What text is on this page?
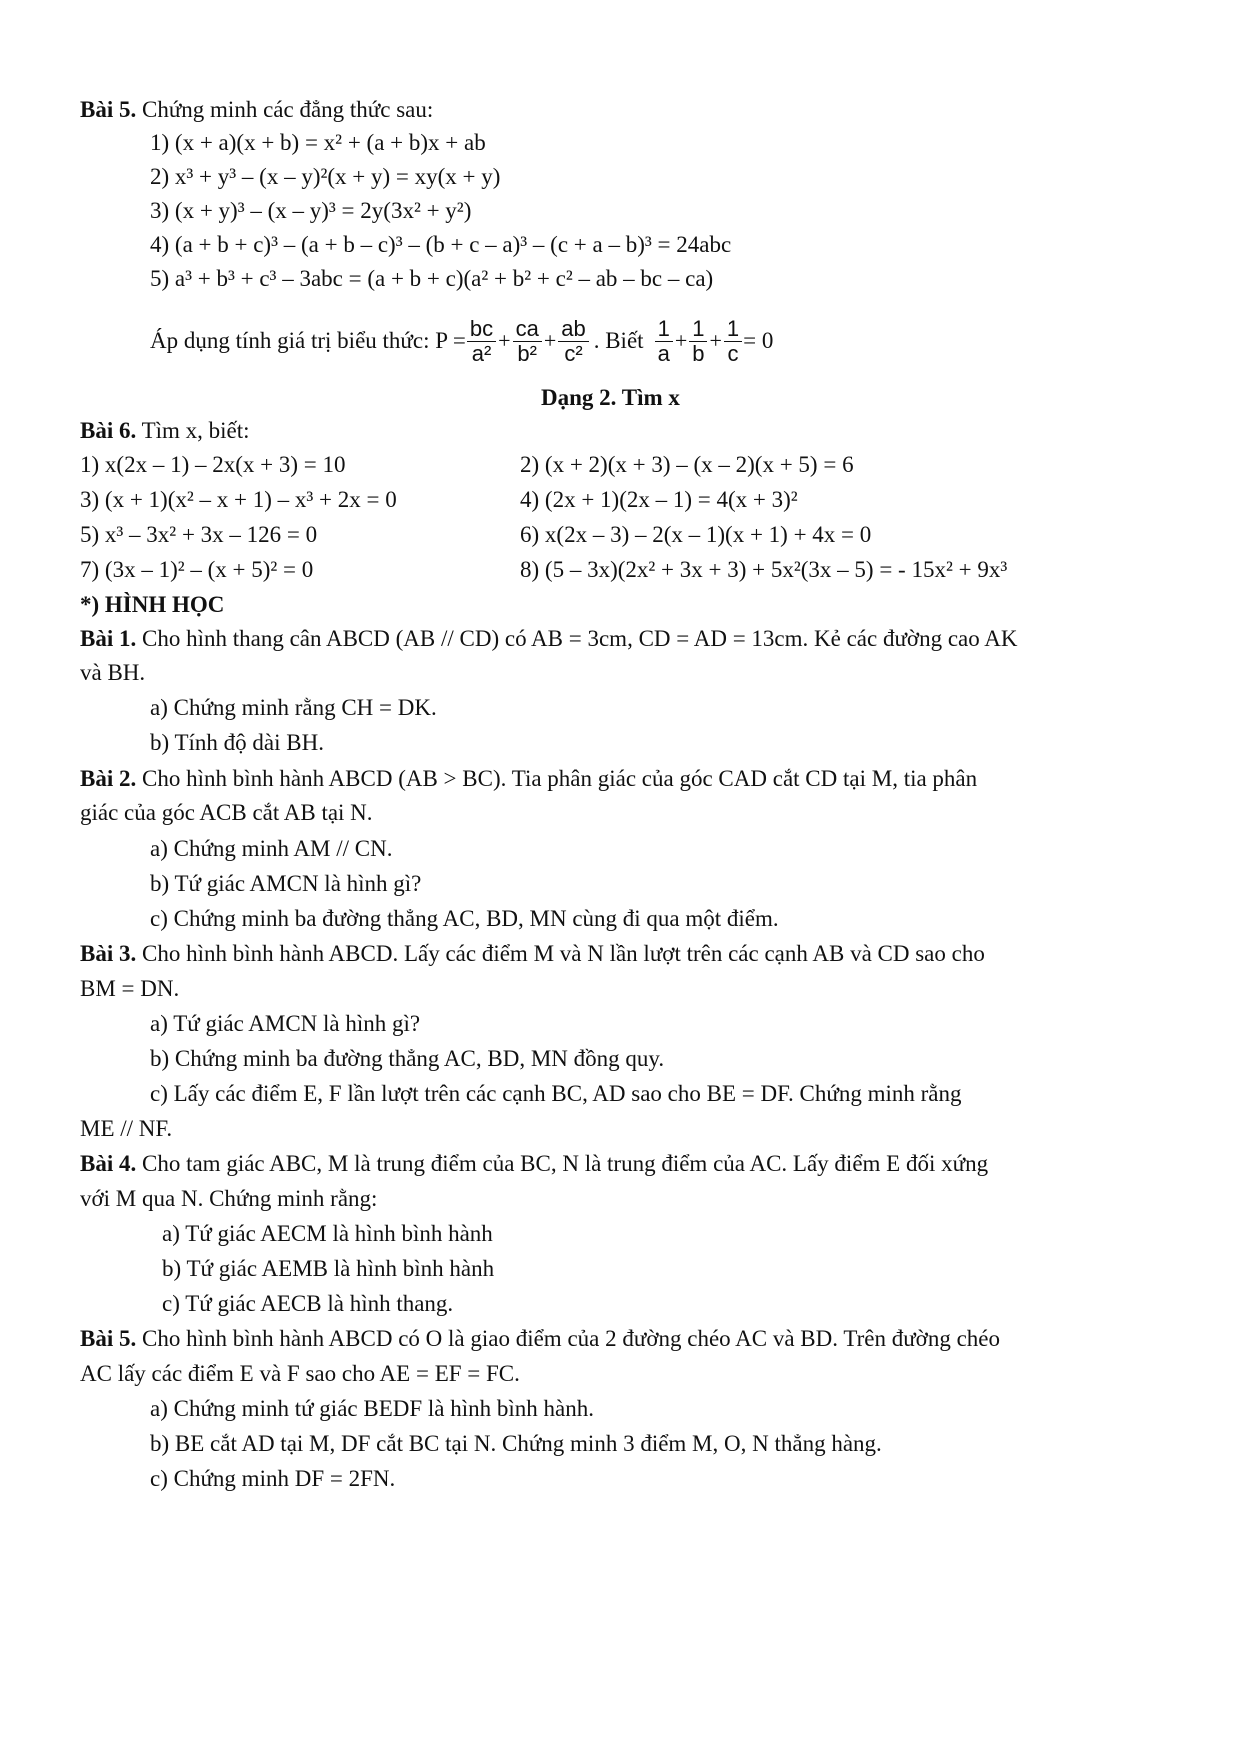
Bài 5. Chứng minh các đẳng thức sau:
1) (x + a)(x + b) = x² + (a + b)x + ab
2) x³ + y³ – (x – y)²(x + y) = xy(x + y)
3) (x + y)³ – (x – y)³ = 2y(3x² + y²)
4) (a + b + c)³ – (a + b – c)³ – (b + c – a)³ – (c + a – b)³ = 24abc
5) a³ + b³ + c³ – 3abc = (a + b + c)(a² + b² + c² – ab – bc – ca)
Áp dụng tính giá trị biểu thức: $P = \frac{bc}{\text{a²}} + \frac{ca}{\text{b²}} + \frac{ab}{\text{c²}}$ . Biết $\frac{1}{a} + \frac{1}{b} + \frac{1}{c} = 0$
Dạng 2. Tìm x
Bài 6. Tìm x, biết:
1) x(2x – 1) – 2x(x + 3) = 10	2) (x + 2)(x + 3) – (x – 2)(x + 5) = 6
3) (x + 1)(x² – x + 1) – x³ + 2x = 0	4) (2x + 1)(2x – 1) = 4(x + 3)²
5) x³ – 3x² + 3x – 126 = 0	6) x(2x – 3) – 2(x – 1)(x + 1) + 4x = 0
7) (3x – 1)² – (x + 5)² = 0	8) (5 – 3x)(2x² + 3x + 3) + 5x²(3x – 5) = - 15x² + 9x³
*) HÌNH HỌC
Bài 1. Cho hình thang cân ABCD (AB // CD) có AB = 3cm, CD = AD = 13cm. Kẻ các đường cao AK
và BH.
a) Chứng minh rằng CH = DK.
b) Tính độ dài BH.
Bài 2. Cho hình bình hành ABCD (AB > BC). Tia phân giác của góc CAD cắt CD tại M, tia phân
giác của góc ACB cắt AB tại N.
a) Chứng minh AM // CN.
b) Tứ giác AMCN là hình gì?
c) Chứng minh ba đường thẳng AC, BD, MN cùng đi qua một điểm.
Bài 3. Cho hình bình hành ABCD. Lấy các điểm M và N lần lượt trên các cạnh AB và CD sao cho
BM = DN.
a) Tứ giác AMCN là hình gì?
b) Chứng minh ba đường thẳng AC, BD, MN đồng quy.
c) Lấy các điểm E, F lần lượt trên các cạnh BC, AD sao cho BE = DF. Chứng minh rằng
ME // NF.
Bài 4. Cho tam giác ABC, M là trung điểm của BC, N là trung điểm của AC. Lấy điểm E đối xứng
với M qua N. Chứng minh rằng:
a) Tứ giác AECM là hình bình hành
b) Tứ giác AEMB là hình bình hành
c) Tứ giác AECB là hình thang.
Bài 5. Cho hình bình hành ABCD có O là giao điểm của 2 đường chéo AC và BD. Trên đường chéo
AC lấy các điểm E và F sao cho AE = EF = FC.
a) Chứng minh tứ giác BEDF là hình bình hành.
b) BE cắt AD tại M, DF cắt BC tại N. Chứng minh 3 điểm M, O, N thẳng hàng.
c) Chứng minh DF = 2FN.
